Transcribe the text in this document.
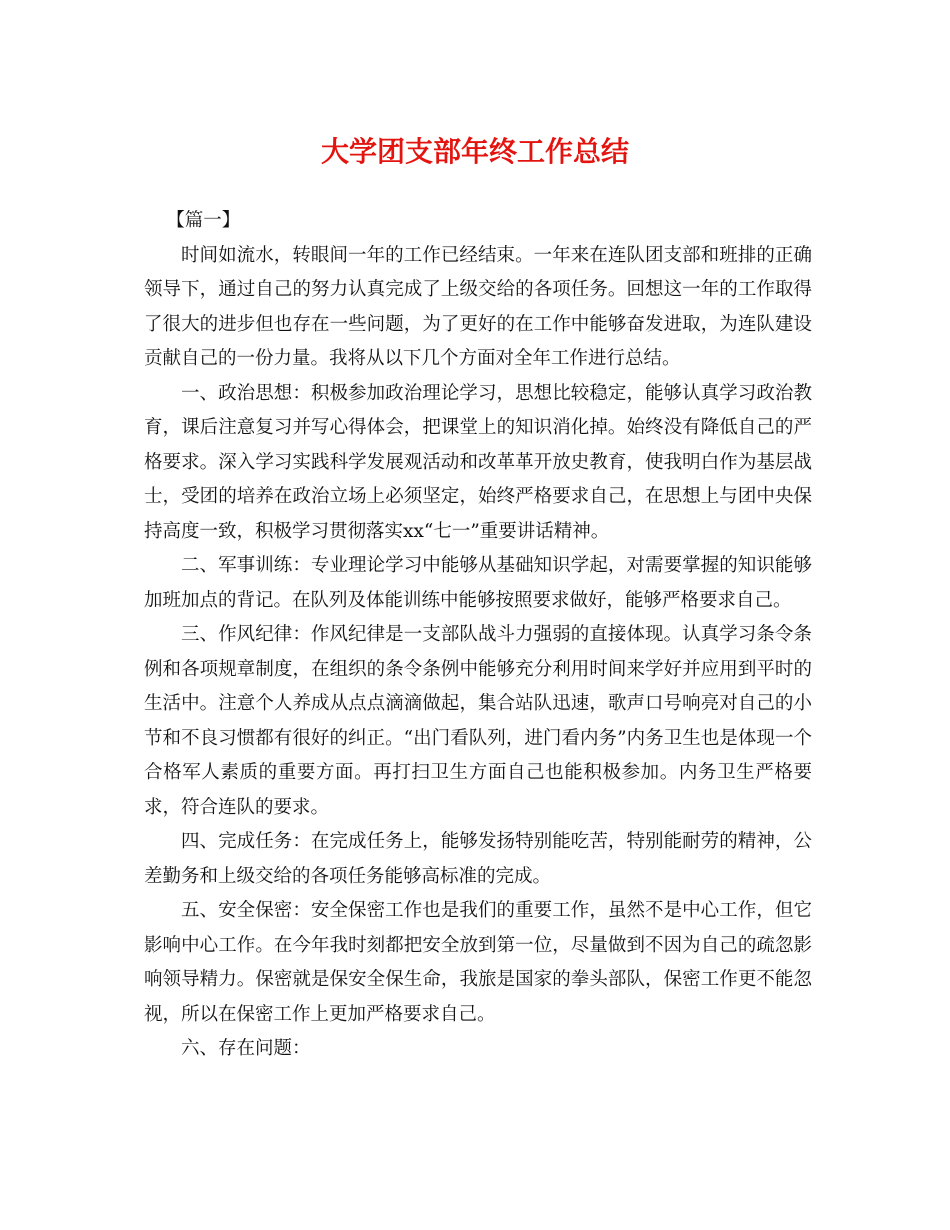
大学团支部年终工作总结

【篇一】

时间如流水，转眼间一年的工作已经结束。一年来在连队团支部和班排的正确领导下，通过自己的努力认真完成了上级交给的各项任务。回想这一年的工作取得了很大的进步但也存在一些问题，为了更好的在工作中能够奋发进取，为连队建设贡献自己的一份力量。我将从以下几个方面对全年工作进行总结。

一、政治思想：积极参加政治理论学习，思想比较稳定，能够认真学习政治教育，课后注意复习并写心得体会，把课堂上的知识消化掉。始终没有降低自己的严格要求。深入学习实践科学发展观活动和改革革开放史教育，使我明白作为基层战士，受团的培养在政治立场上必须坚定，始终严格要求自己，在思想上与团中央保持高度一致，积极学习贯彻落实xx“七一”重要讲话精神。

二、军事训练：专业理论学习中能够从基础知识学起，对需要掌握的知识能够加班加点的背记。在队列及体能训练中能够按照要求做好，能够严格要求自己。

三、作风纪律：作风纪律是一支部队战斗力强弱的直接体现。认真学习条令条例和各项规章制度，在组织的条令条例中能够充分利用时间来学好并应用到平时的生活中。注意个人养成从点点滴滴做起，集合站队迅速，歌声口号响亮对自己的小节和不良习惯都有很好的纠正。“出门看队列，进门看内务”内务卫生也是体现一个合格军人素质的重要方面。再打扫卫生方面自己也能积极参加。内务卫生严格要求，符合连队的要求。

四、完成任务：在完成任务上，能够发扬特别能吃苦，特别能耐劳的精神，公差勤务和上级交给的各项任务能够高标准的完成。

五、安全保密：安全保密工作也是我们的重要工作，虽然不是中心工作，但它影响中心工作。在今年我时刻都把安全放到第一位，尽量做到不因为自己的疏忽影响领导精力。保密就是保安全保生命，我旅是国家的拳头部队，保密工作更不能忽视，所以在保密工作上更加严格要求自己。

六、存在问题：
